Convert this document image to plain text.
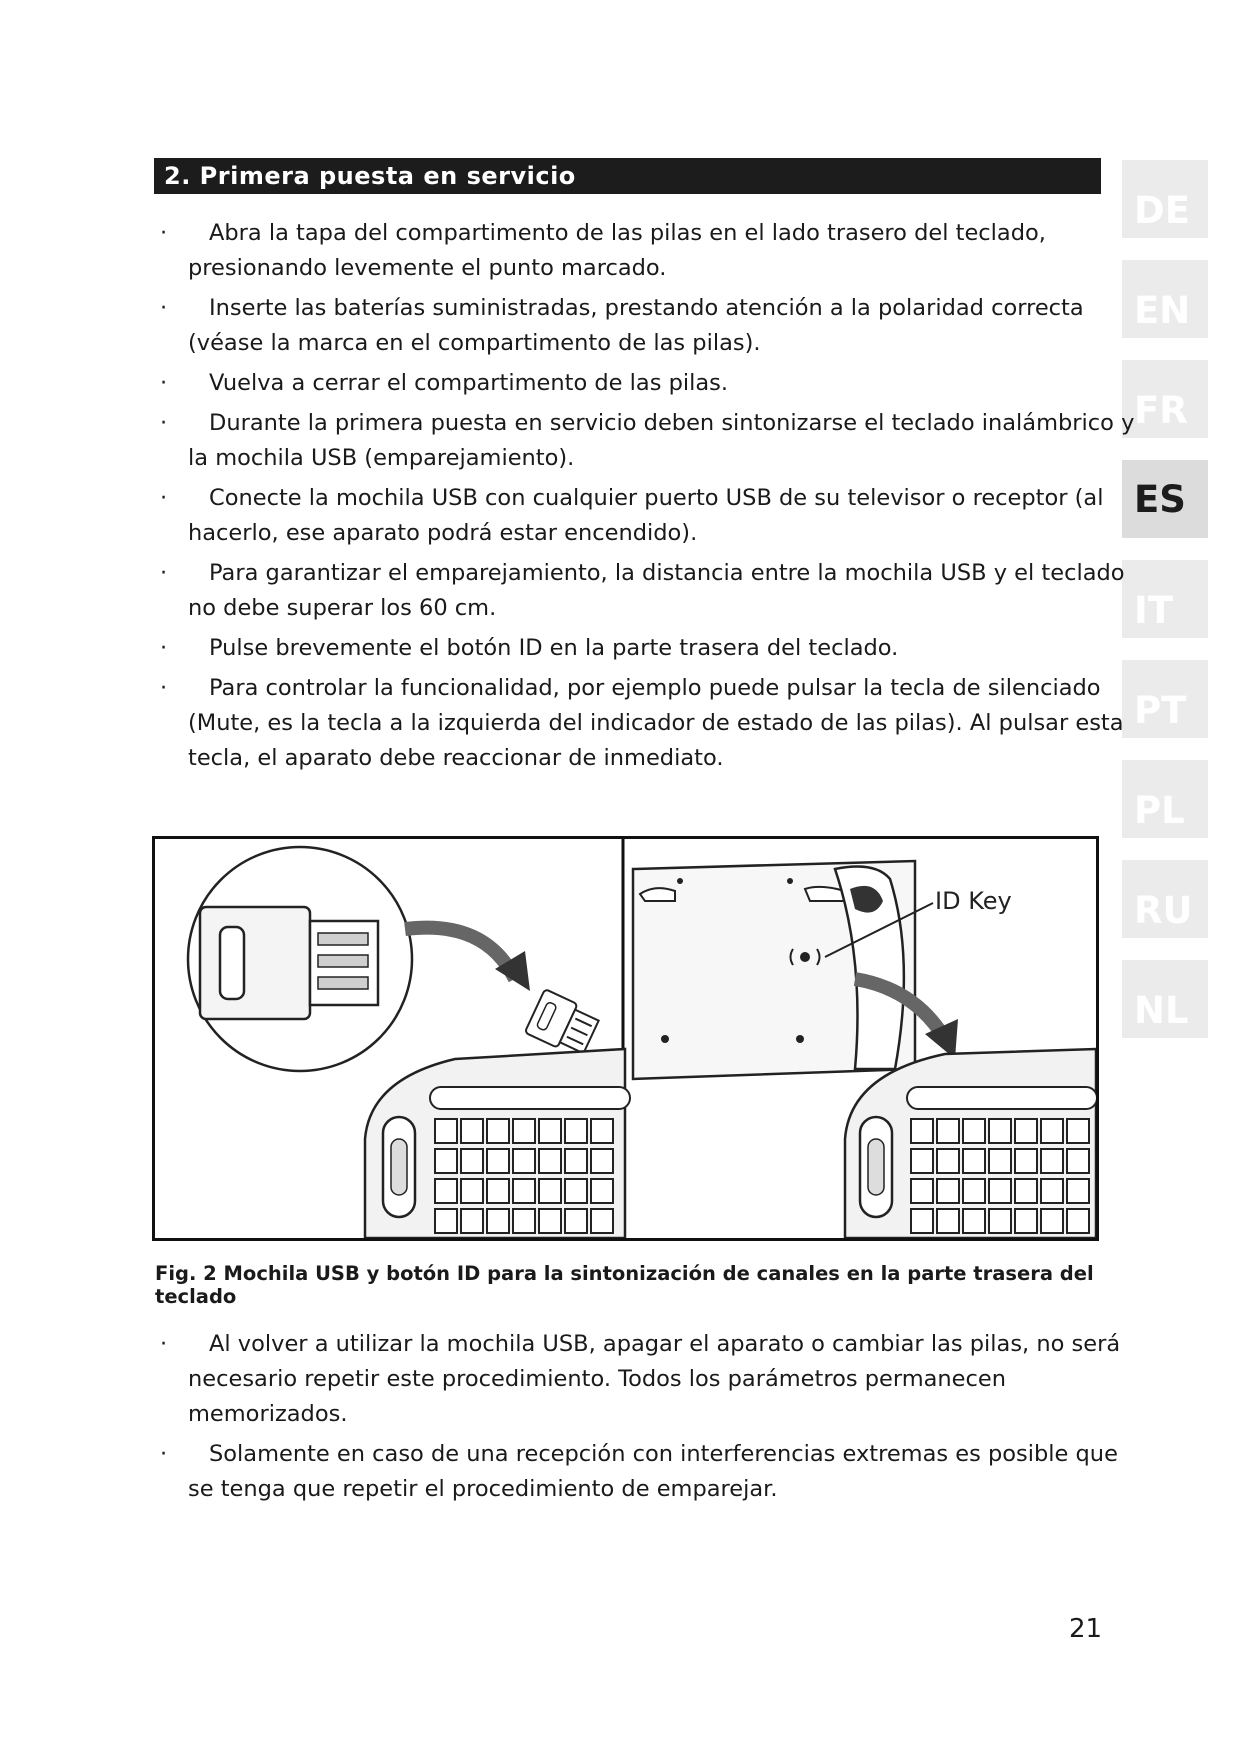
2. Primera puesta en servicio
DE
EN
FR
ES
IT
PT
PL
RU
NL
·	Abra la tapa del compartimento de las pilas en el lado trasero del teclado, presionando levemente el punto marcado.
·	Inserte las baterías suministradas, prestando atención a la polaridad correcta (véase la marca en el compartimento de las pilas).
·	Vuelva a cerrar el compartimento de las pilas.
·	Durante la primera puesta en servicio deben sintonizarse el teclado inalámbrico y la mochila USB (emparejamiento).
·	Conecte la mochila USB con cualquier puerto USB de su televisor o receptor (al hacerlo, ese aparato podrá estar encendido).
·	Para garantizar el emparejamiento, la distancia entre la mochila USB y el teclado no debe superar los 60 cm.
·	Pulse brevemente el botón ID en la parte trasera del teclado.
·	Para controlar la funcionalidad, por ejemplo puede pulsar la tecla de silenciado (Mute, es la tecla a la izquierda del indicador de estado de las pilas). Al pulsar esta tecla, el aparato debe reaccionar de inmediato.
ID Key
Fig. 2 Mochila USB y botón ID para la sintonización de canales en la parte trasera del teclado
·	Al volver a utilizar la mochila USB, apagar el aparato o cambiar las pilas, no será necesario repetir este procedimiento. Todos los parámetros permanecen memorizados.
·	Solamente en caso de una recepción con interferencias extremas es posible que se tenga que repetir el procedimiento de emparejar.
21
